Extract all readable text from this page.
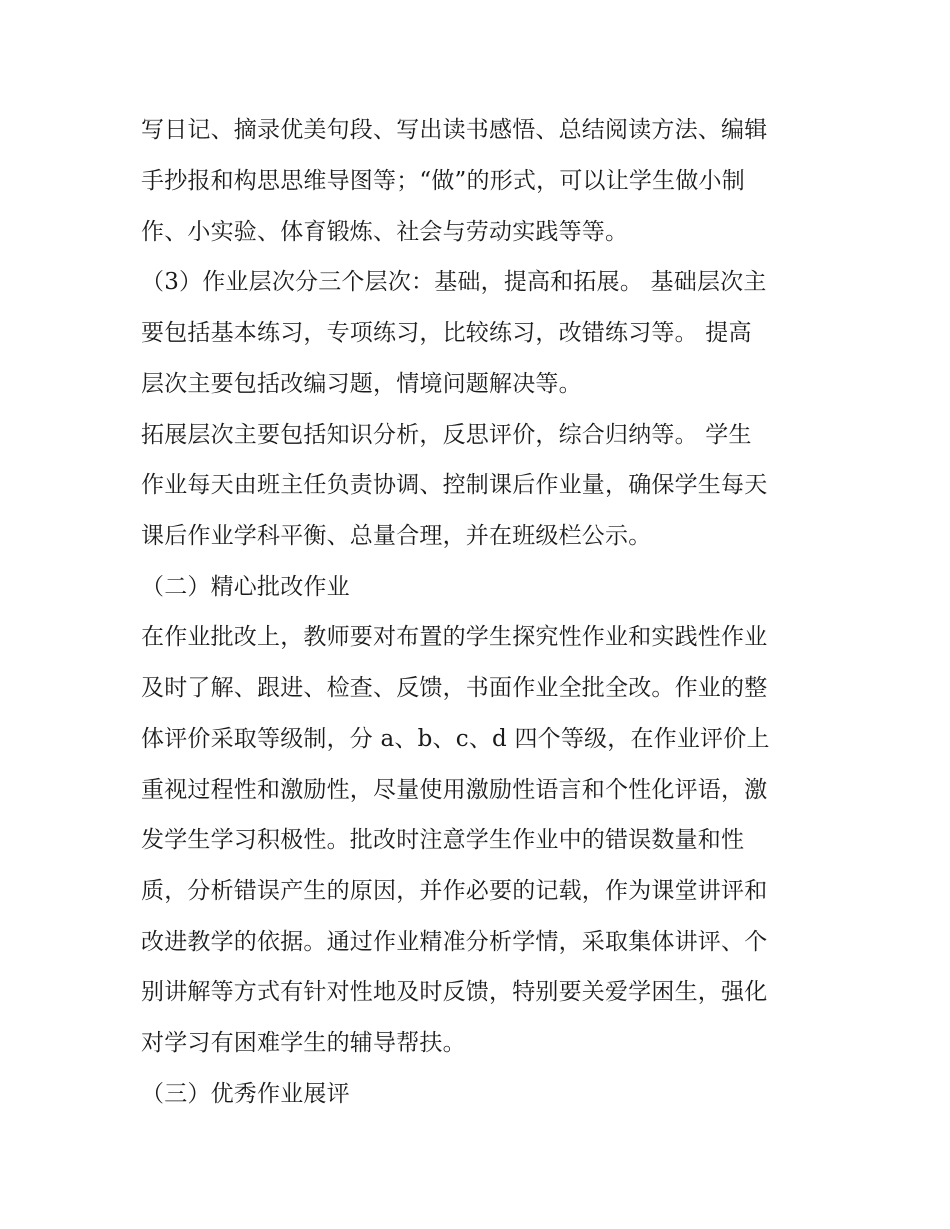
写日记、摘录优美句段、写出读书感悟、总结阅读方法、编辑

手抄报和构思思维导图等；“做”的形式，可以让学生做小制

作、小实验、体育锻炼、社会与劳动实践等等。

（3）作业层次分三个层次：基础，提高和拓展。 基础层次主

要包括基本练习，专项练习，比较练习，改错练习等。 提高

层次主要包括改编习题，情境问题解决等。

拓展层次主要包括知识分析，反思评价，综合归纳等。 学生

作业每天由班主任负责协调、控制课后作业量，确保学生每天

课后作业学科平衡、总量合理，并在班级栏公示。

（二）精心批改作业

在作业批改上，教师要对布置的学生探究性作业和实践性作业

及时了解、跟进、检查、反馈，书面作业全批全改。作业的整

体评价采取等级制，分 a、b、c、d 四个等级，在作业评价上

重视过程性和激励性，尽量使用激励性语言和个性化评语，激

发学生学习积极性。批改时注意学生作业中的错误数量和性

质，分析错误产生的原因，并作必要的记载，作为课堂讲评和

改进教学的依据。通过作业精准分析学情，采取集体讲评、个

别讲解等方式有针对性地及时反馈，特别要关爱学困生，强化

对学习有困难学生的辅导帮扶。

（三）优秀作业展评
